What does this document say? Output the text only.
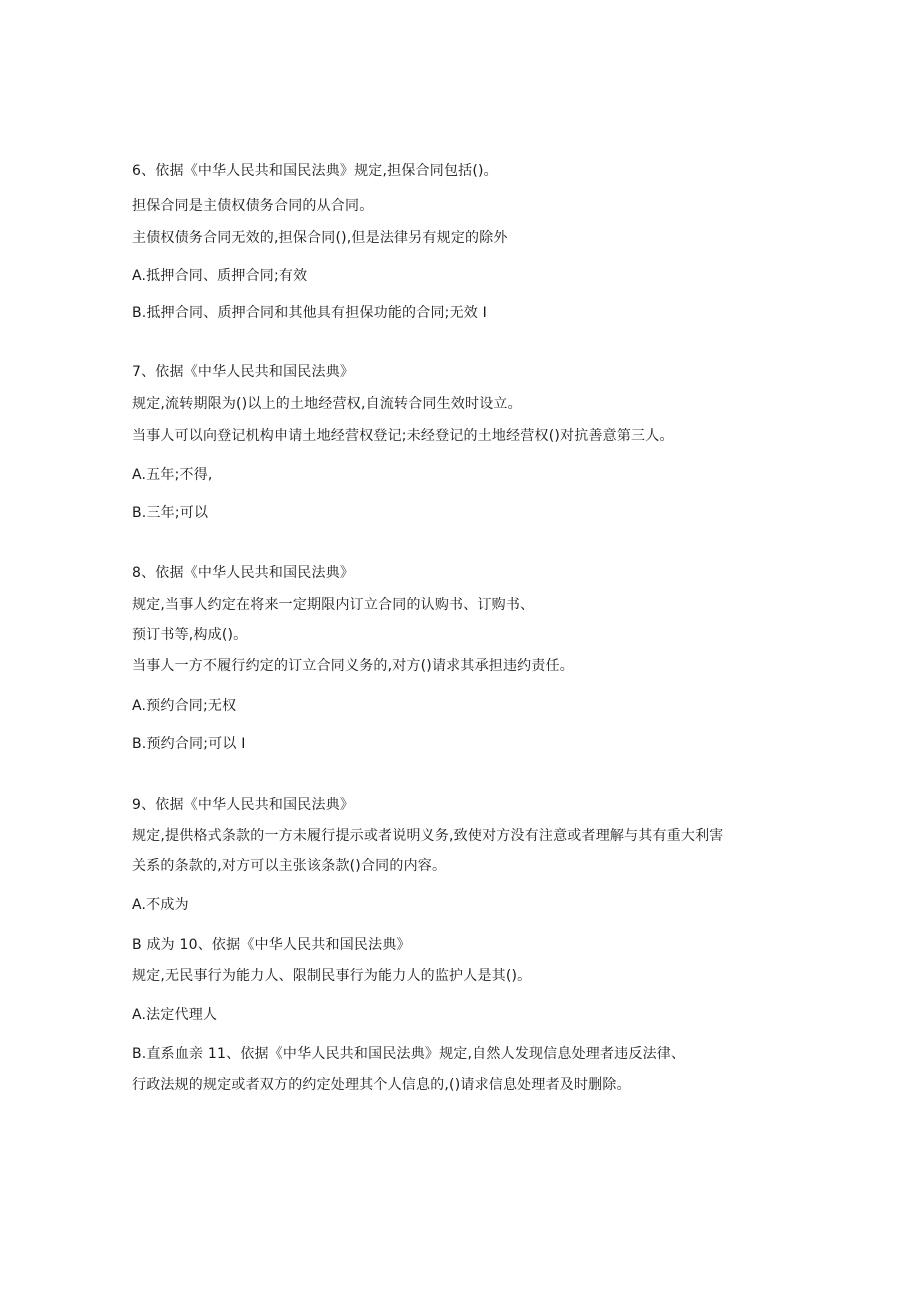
6、依据《中华人民共和国民法典》规定,担保合同包括()。
担保合同是主债权债务合同的从合同。
主债权债务合同无效的,担保合同(),但是法律另有规定的除外
A.抵押合同、质押合同;有效
B.抵押合同、质押合同和其他具有担保功能的合同;无效 I
7、依据《中华人民共和国民法典》
规定,流转期限为()以上的土地经营权,自流转合同生效时设立。
当事人可以向登记机构申请土地经营权登记;未经登记的土地经营权()对抗善意第三人。
A.五年;不得,
B.三年;可以
8、依据《中华人民共和国民法典》
规定,当事人约定在将来一定期限内订立合同的认购书、订购书、
预订书等,构成()。
当事人一方不履行约定的订立合同义务的,对方()请求其承担违约责任。
A.预约合同;无权
B.预约合同;可以 I
9、依据《中华人民共和国民法典》
规定,提供格式条款的一方未履行提示或者说明义务,致使对方没有注意或者理解与其有重大利害
关系的条款的,对方可以主张该条款()合同的内容。
A.不成为
B 成为 10、依据《中华人民共和国民法典》
规定,无民事行为能力人、限制民事行为能力人的监护人是其()。
A.法定代理人
B.直系血亲 11、依据《中华人民共和国民法典》规定,自然人发现信息处理者违反法律、
行政法规的规定或者双方的约定处理其个人信息的,()请求信息处理者及时删除。
